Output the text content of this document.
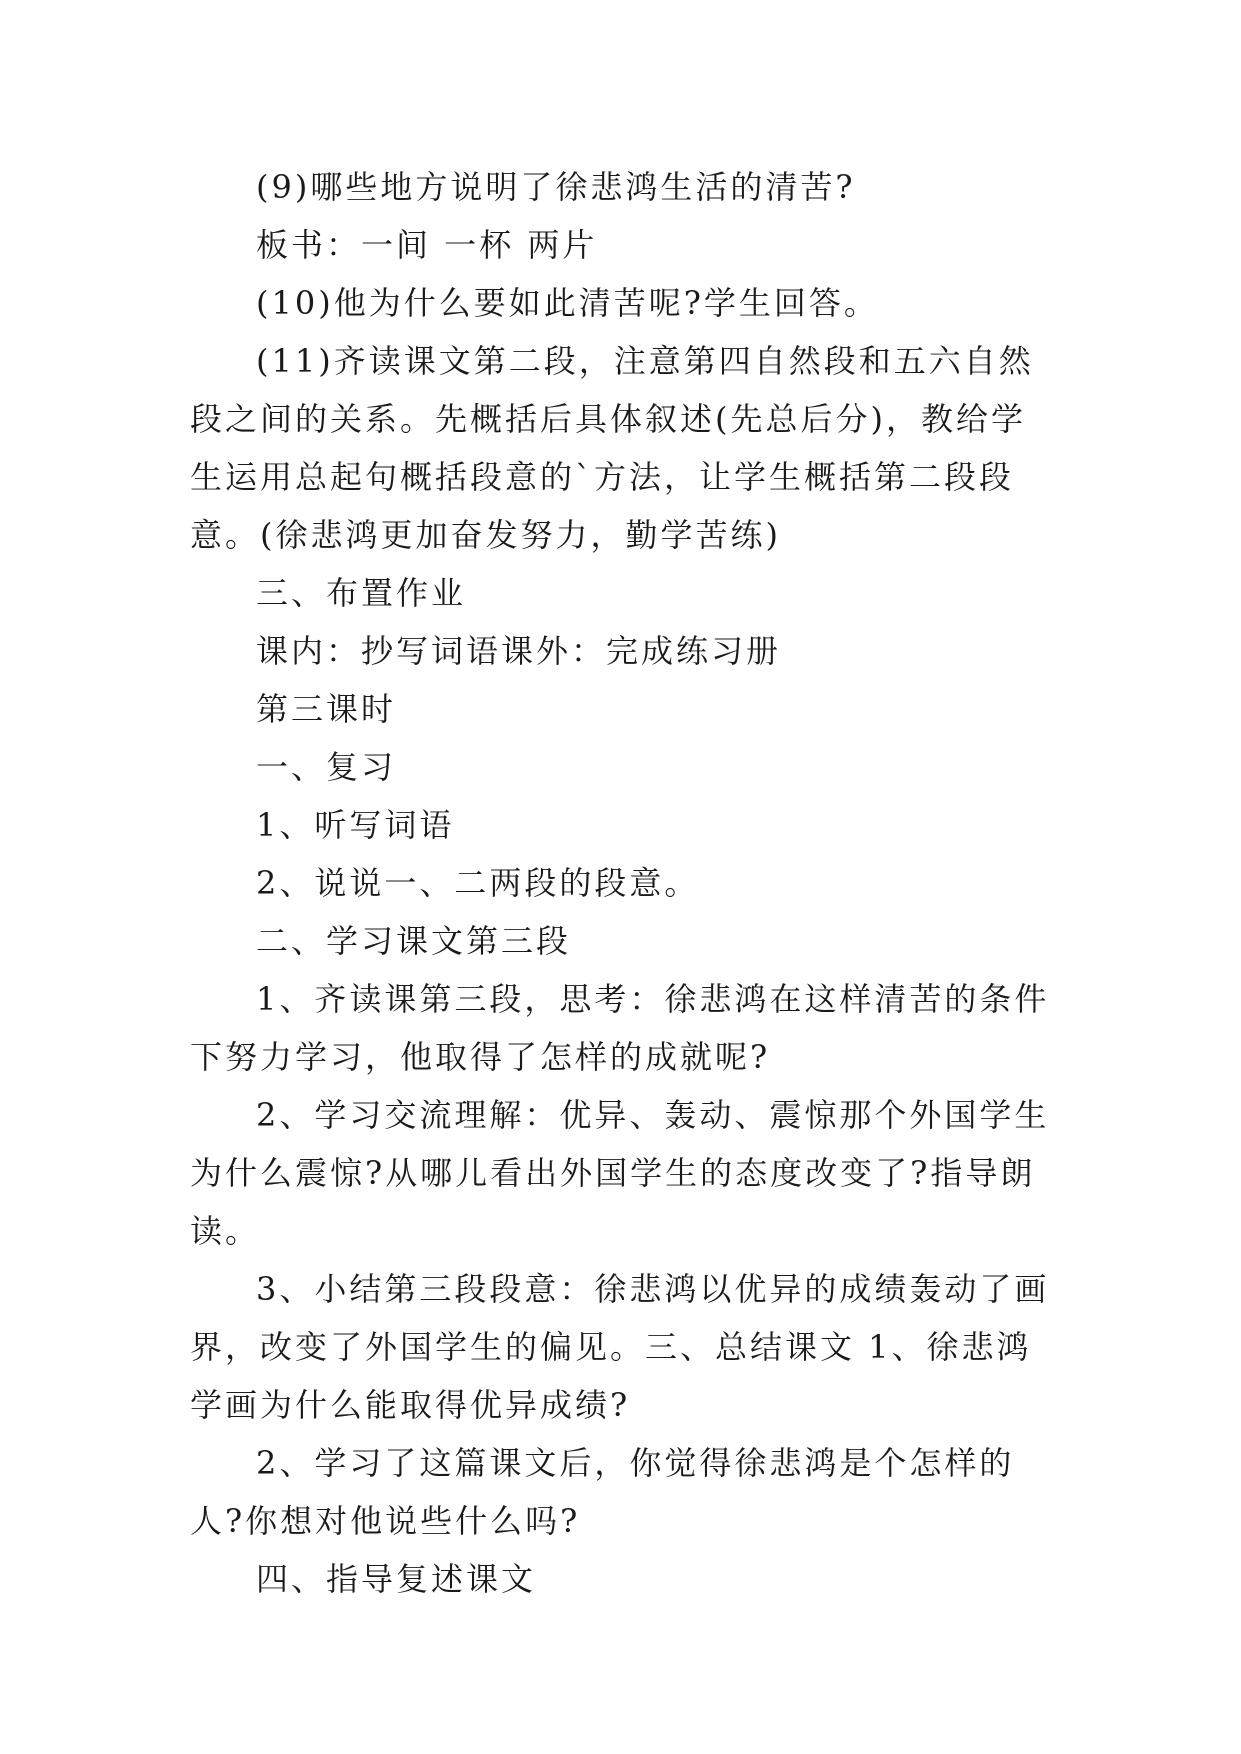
(9)哪些地方说明了徐悲鸿生活的清苦?

板书：一间 一杯 两片

(10)他为什么要如此清苦呢?学生回答。

(11)齐读课文第二段，注意第四自然段和五六自然段之间的关系。先概括后具体叙述(先总后分)，教给学生运用总起句概括段意的`方法，让学生概括第二段段意。(徐悲鸿更加奋发努力，勤学苦练)

三、布置作业

课内：抄写词语课外：完成练习册

第三课时

一、复习

1、听写词语

2、说说一、二两段的段意。

二、学习课文第三段

1、齐读课第三段，思考：徐悲鸿在这样清苦的条件下努力学习，他取得了怎样的成就呢?

2、学习交流理解：优异、轰动、震惊那个外国学生为什么震惊?从哪儿看出外国学生的态度改变了?指导朗读。

3、小结第三段段意：徐悲鸿以优异的成绩轰动了画界，改变了外国学生的偏见。三、总结课文 1、徐悲鸿学画为什么能取得优异成绩?

2、学习了这篇课文后，你觉得徐悲鸿是个怎样的人?你想对他说些什么吗?

四、指导复述课文
